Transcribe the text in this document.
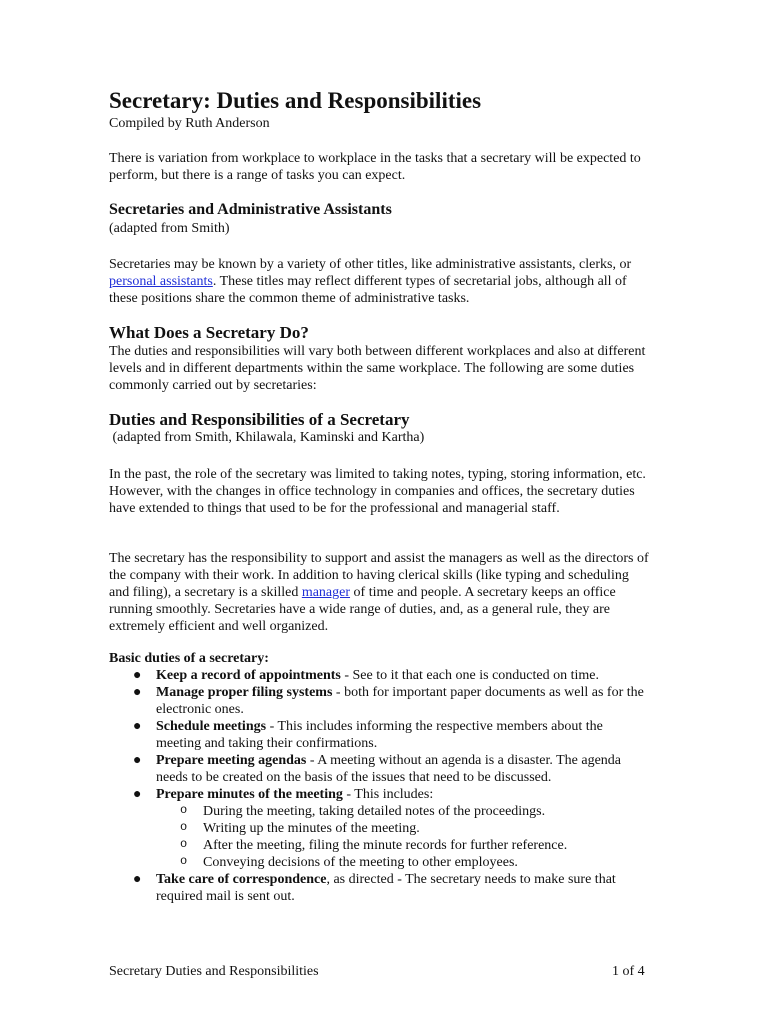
Secretary: Duties and Responsibilities
Compiled by Ruth Anderson

There is variation from workplace to workplace in the tasks that a secretary will be expected to perform, but there is a range of tasks you can expect.

Secretaries and Administrative Assistants
(adapted from Smith)

Secretaries may be known by a variety of other titles, like administrative assistants, clerks, or personal assistants. These titles may reflect different types of secretarial jobs, although all of these positions share the common theme of administrative tasks.

What Does a Secretary Do?

The duties and responsibilities will vary both between different workplaces and also at different levels and in different departments within the same workplace. The following are some duties commonly carried out by secretaries:

Duties and Responsibilities of a Secretary
(adapted from Smith, Khilawala, Kaminski and Kartha)

In the past, the role of the secretary was limited to taking notes, typing, storing information, etc. However, with the changes in office technology in companies and offices, the secretary duties have extended to things that used to be for the professional and managerial staff.

The secretary has the responsibility to support and assist the managers as well as the directors of the company with their work. In addition to having clerical skills (like typing and scheduling and filing), a secretary is a skilled manager of time and people. A secretary keeps an office running smoothly. Secretaries have a wide range of duties, and, as a general rule, they are extremely efficient and well organized.

Basic duties of a secretary:
● Keep a record of appointments - See to it that each one is conducted on time.
● Manage proper filing systems - both for important paper documents as well as for the electronic ones.
● Schedule meetings - This includes informing the respective members about the meeting and taking their confirmations.
● Prepare meeting agendas - A meeting without an agenda is a disaster. The agenda needs to be created on the basis of the issues that need to be discussed.
● Prepare minutes of the meeting - This includes:
o During the meeting, taking detailed notes of the proceedings.
o Writing up the minutes of the meeting.
o After the meeting, filing the minute records for further reference.
o Conveying decisions of the meeting to other employees.
● Take care of correspondence, as directed - The secretary needs to make sure that required mail is sent out.
Secretary Duties and Responsibilities	1 of 4
